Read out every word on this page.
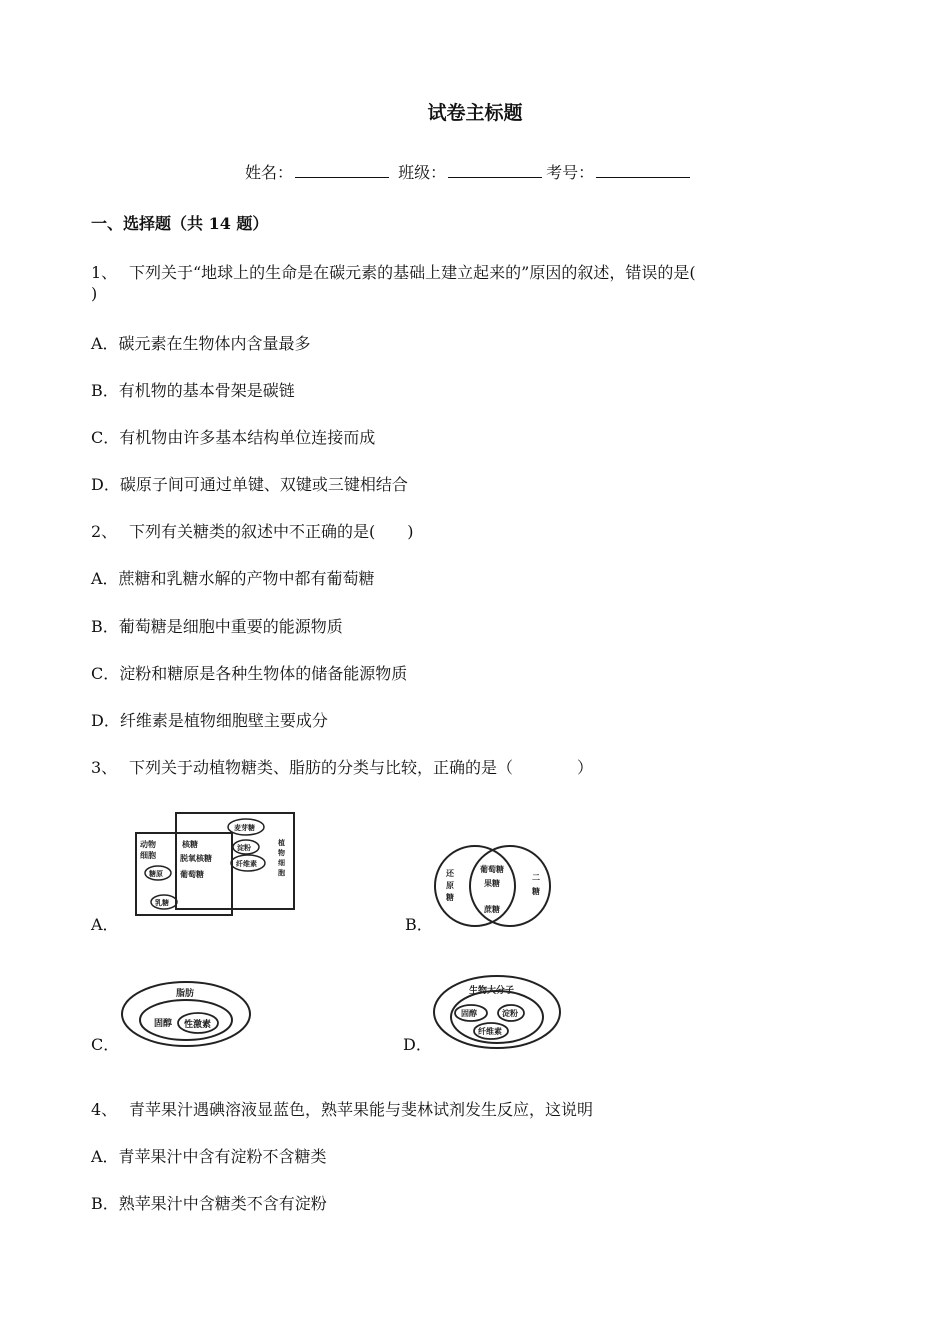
试卷主标题
姓名：	班级：	考号：
一、选择题（共 14 题）
1、 下列关于“地球上的生命是在碳元素的基础上建立起来的”原因的叙述，错误的是(
)
A．碳元素在生物体内含量最多
B．有机物的基本骨架是碳链
C．有机物由许多基本结构单位连接而成
D．碳原子间可通过单键、双键或三键相结合
2、 下列有关糖类的叙述中不正确的是(　　)
A．蔗糖和乳糖水解的产物中都有葡萄糖
B．葡萄糖是细胞中重要的能源物质
C．淀粉和糖原是各种生物体的储备能源物质
D．纤维素是植物细胞壁主要成分
3、 下列关于动植物糖类、脂肪的分类与比较，正确的是（　　　　）
A．
动物
细胞
植
物
细
胞
核糖
脱氧核糖
葡萄糖
麦芽糖
淀粉
纤维素
糖原
乳糖
B．
还
原
糖
葡萄糖
果糖
蔗糖
二
糖
C．
脂肪
固醇 性激素
D．
生物大分子
固醇	淀粉
纤维素
4、 青苹果汁遇碘溶液显蓝色，熟苹果能与斐林试剂发生反应，这说明
A．青苹果汁中含有淀粉不含糖类
B．熟苹果汁中含糖类不含有淀粉
